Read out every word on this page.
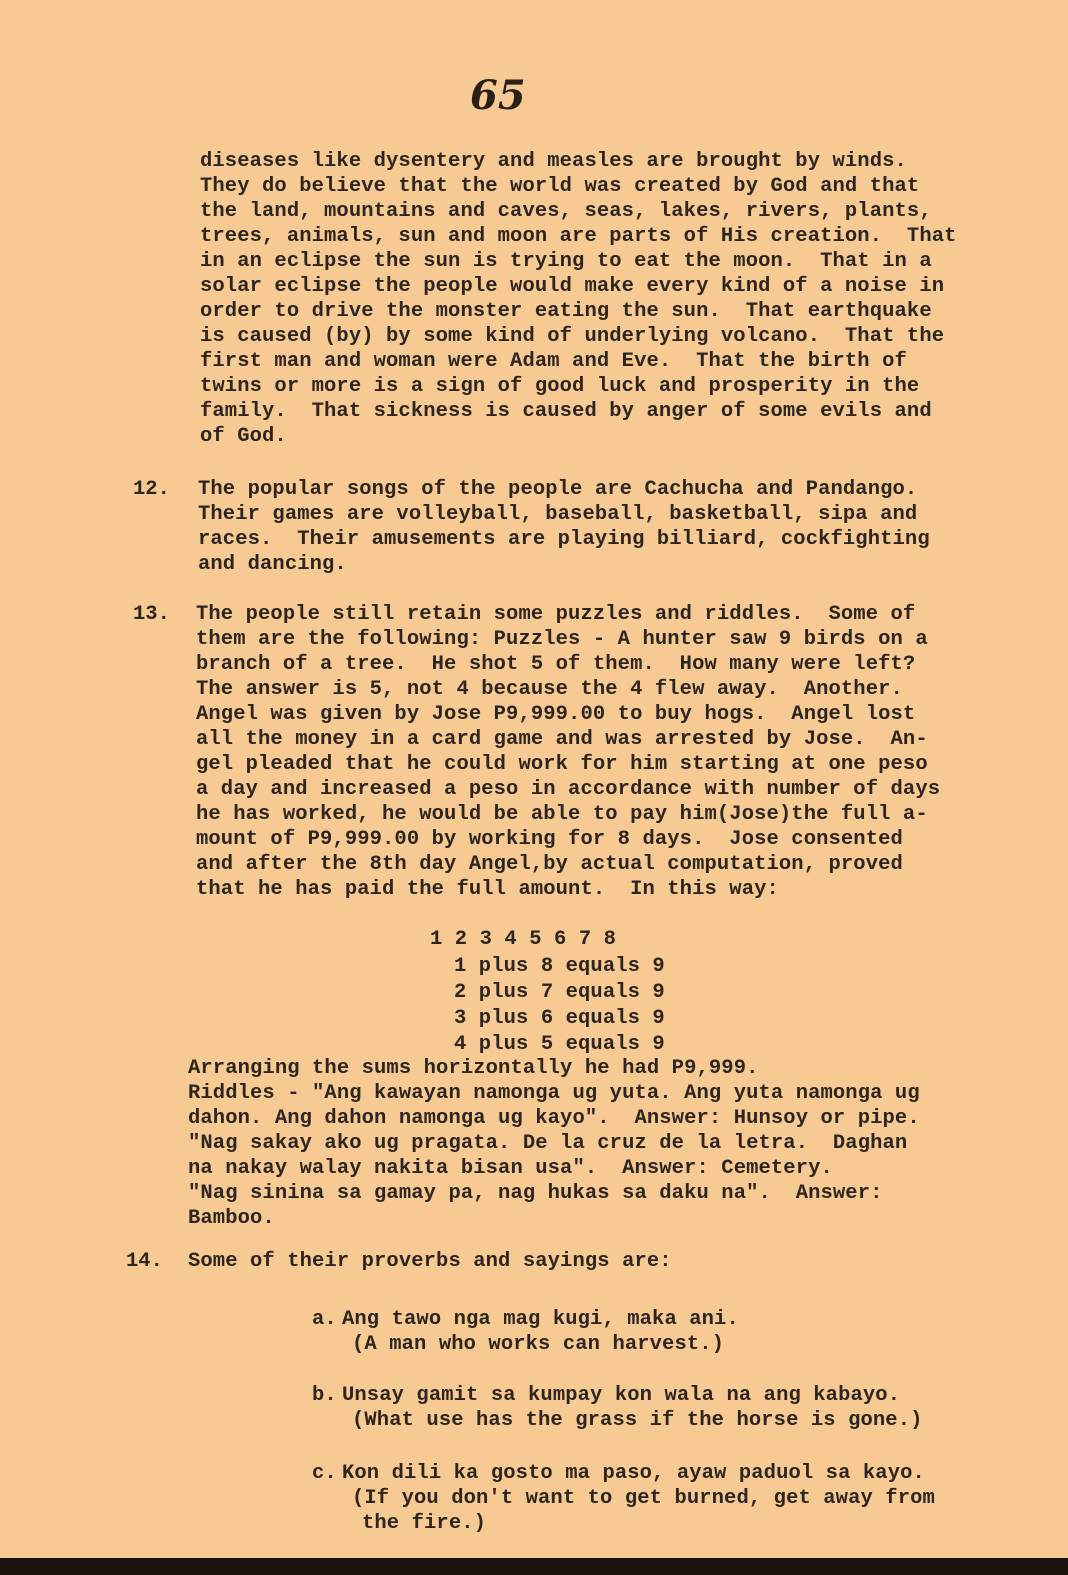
65
diseases like dysentery and measles are brought by winds.
They do believe that the world was created by God and that
the land, mountains and caves, seas, lakes, rivers, plants,
trees, animals, sun and moon are parts of His creation.  That
in an eclipse the sun is trying to eat the moon.  That in a
solar eclipse the people would make every kind of a noise in
order to drive the monster eating the sun.  That earthquake
is caused (by) by some kind of underlying volcano.  That the
first man and woman were Adam and Eve.  That the birth of
twins or more is a sign of good luck and prosperity in the
family.  That sickness is caused by anger of some evils and
of God.
12. The popular songs of the people are Cachucha and Pandango.
Their games are volleyball, baseball, basketball, sipa and
races.  Their amusements are playing billiard, cockfighting
and dancing.
13. The people still retain some puzzles and riddles.  Some of
them are the following: Puzzles - A hunter saw 9 birds on a
branch of a tree.  He shot 5 of them.  How many were left?
The answer is 5, not 4 because the 4 flew away.  Another.
Angel was given by Jose P9,999.00 to buy hogs.  Angel lost
all the money in a card game and was arrested by Jose.  An-
gel pleaded that he could work for him starting at one peso
a day and increased a peso in accordance with number of days
he has worked, he would be able to pay him(Jose)the full a-
mount of P9,999.00 by working for 8 days.  Jose consented
and after the 8th day Angel,by actual computation, proved
that he has paid the full amount.  In this way:
1 2 3 4 5 6 7 8
1 plus 8 equals 9
2 plus 7 equals 9
3 plus 6 equals 9
4 plus 5 equals 9
Arranging the sums horizontally he had P9,999.
Riddles - "Ang kawayan namonga ug yuta. Ang yuta namonga ug
dahon. Ang dahon namonga ug kayo".  Answer: Hunsoy or pipe.
"Nag sakay ako ug pragata. De la cruz de la letra.  Daghan
na nakay walay nakita bisan usa".  Answer: Cemetery.
"Nag sinina sa gamay pa, nag hukas sa daku na".  Answer:
Bamboo.
14. Some of their proverbs and sayings are:
a. Ang tawo nga mag kugi, maka ani.
(A man who works can harvest.)
b. Unsay gamit sa kumpay kon wala na ang kabayo.
(What use has the grass if the horse is gone.)
c. Kon dili ka gosto ma paso, ayaw paduol sa kayo.
(If you don't want to get burned, get away from
the fire.)
